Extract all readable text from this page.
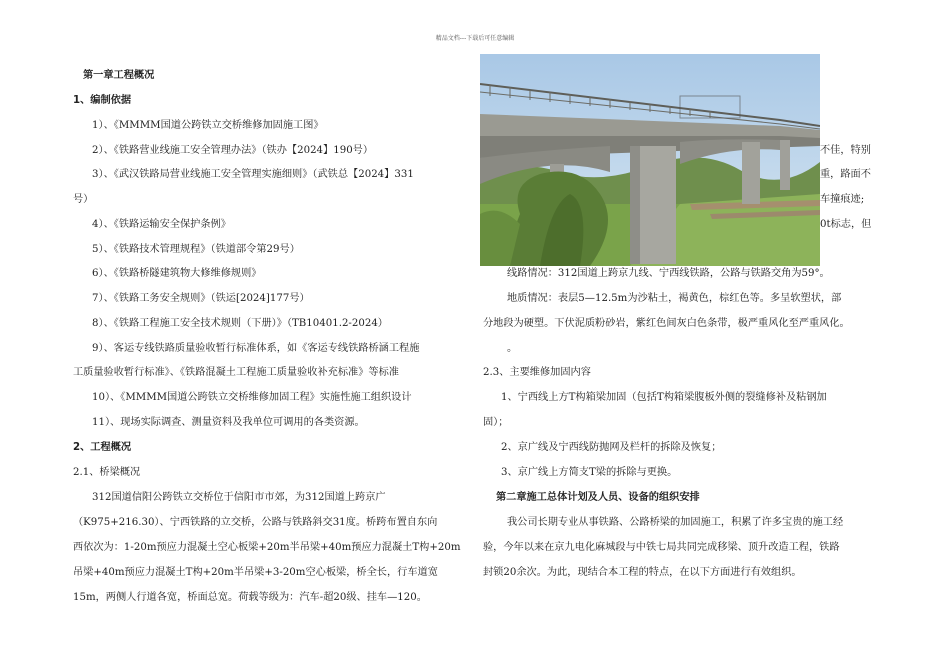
精品文档---下载后可任意编辑
第一章工程概况
1、编制依据
1）、《MMMM国道公跨铁立交桥维修加固施工图》
2）、《铁路营业线施工安全管理办法》（铁办【2024】190号）
3）、《武汉铁路局营业线施工安全管理实施细则》（武铁总【2024】331
号）
4）、《铁路运输安全保护条例》
5）、《铁路技术管理规程》（铁道部令第29号）
6）、《铁路桥隧建筑物大修维修规则》
7）、《铁路工务安全规则》（铁运[2024]177号）
8）、《铁路工程施工安全技术规则（下册）》（TB10401.2-2024）
9）、客运专线铁路质量验收暂行标准体系，如《客运专线铁路桥涵工程施
工质量验收暂行标准》、《铁路混凝土工程施工质量验收补充标准》等标准
10）、《MMMM国道公跨铁立交桥维修加固工程》实施性施工组织设计
11）、现场实际调查、测量资料及我单位可调用的各类资源。
2、工程概况
2.1、桥梁概况
312国道信阳公跨铁立交桥位于信阳市市郊，为312国道上跨京广
（K975+216.30）、宁西铁路的立交桥，公路与铁路斜交31度。桥跨布置自东向
西依次为：1-20m预应力混凝土空心板梁+20m半吊梁+40m预应力混凝土T构+20m
吊梁+40m预应力混凝土T构+20m半吊梁+3-20m空心板梁，桥全长，行车道宽
15m，两侧人行道各宽，桥面总宽。荷载等级为：汽车-超20级、挂车—120。
不佳，特别
重，路面不
车撞痕迹;
0t标志，但
线路情况：312国道上跨京九线、宁西线铁路，公路与铁路交角为59°。
地质情况：表层5—12.5m为沙粘土，褐黄色，棕红色等。多呈软塑状，部
分地段为硬塑。下伏泥质粉砂岩，紫红色间灰白色条带，极严重风化至严重风化。
。
2.3、主要维修加固内容
1、宁西线上方T构箱梁加固（包括T构箱梁腹板外侧的裂缝修补及粘钢加
固）；
2、京广线及宁西线防抛网及栏杆的拆除及恢复；
3、京广线上方简支T梁的拆除与更换。
第二章施工总体计划及人员、设备的组织安排
我公司长期专业从事铁路、公路桥梁的加固施工，积累了许多宝贵的施工经
验，今年以来在京九电化麻城段与中铁七局共同完成移梁、顶升改造工程，铁路
封锁20余次。为此，现结合本工程的特点，在以下方面进行有效组织。
